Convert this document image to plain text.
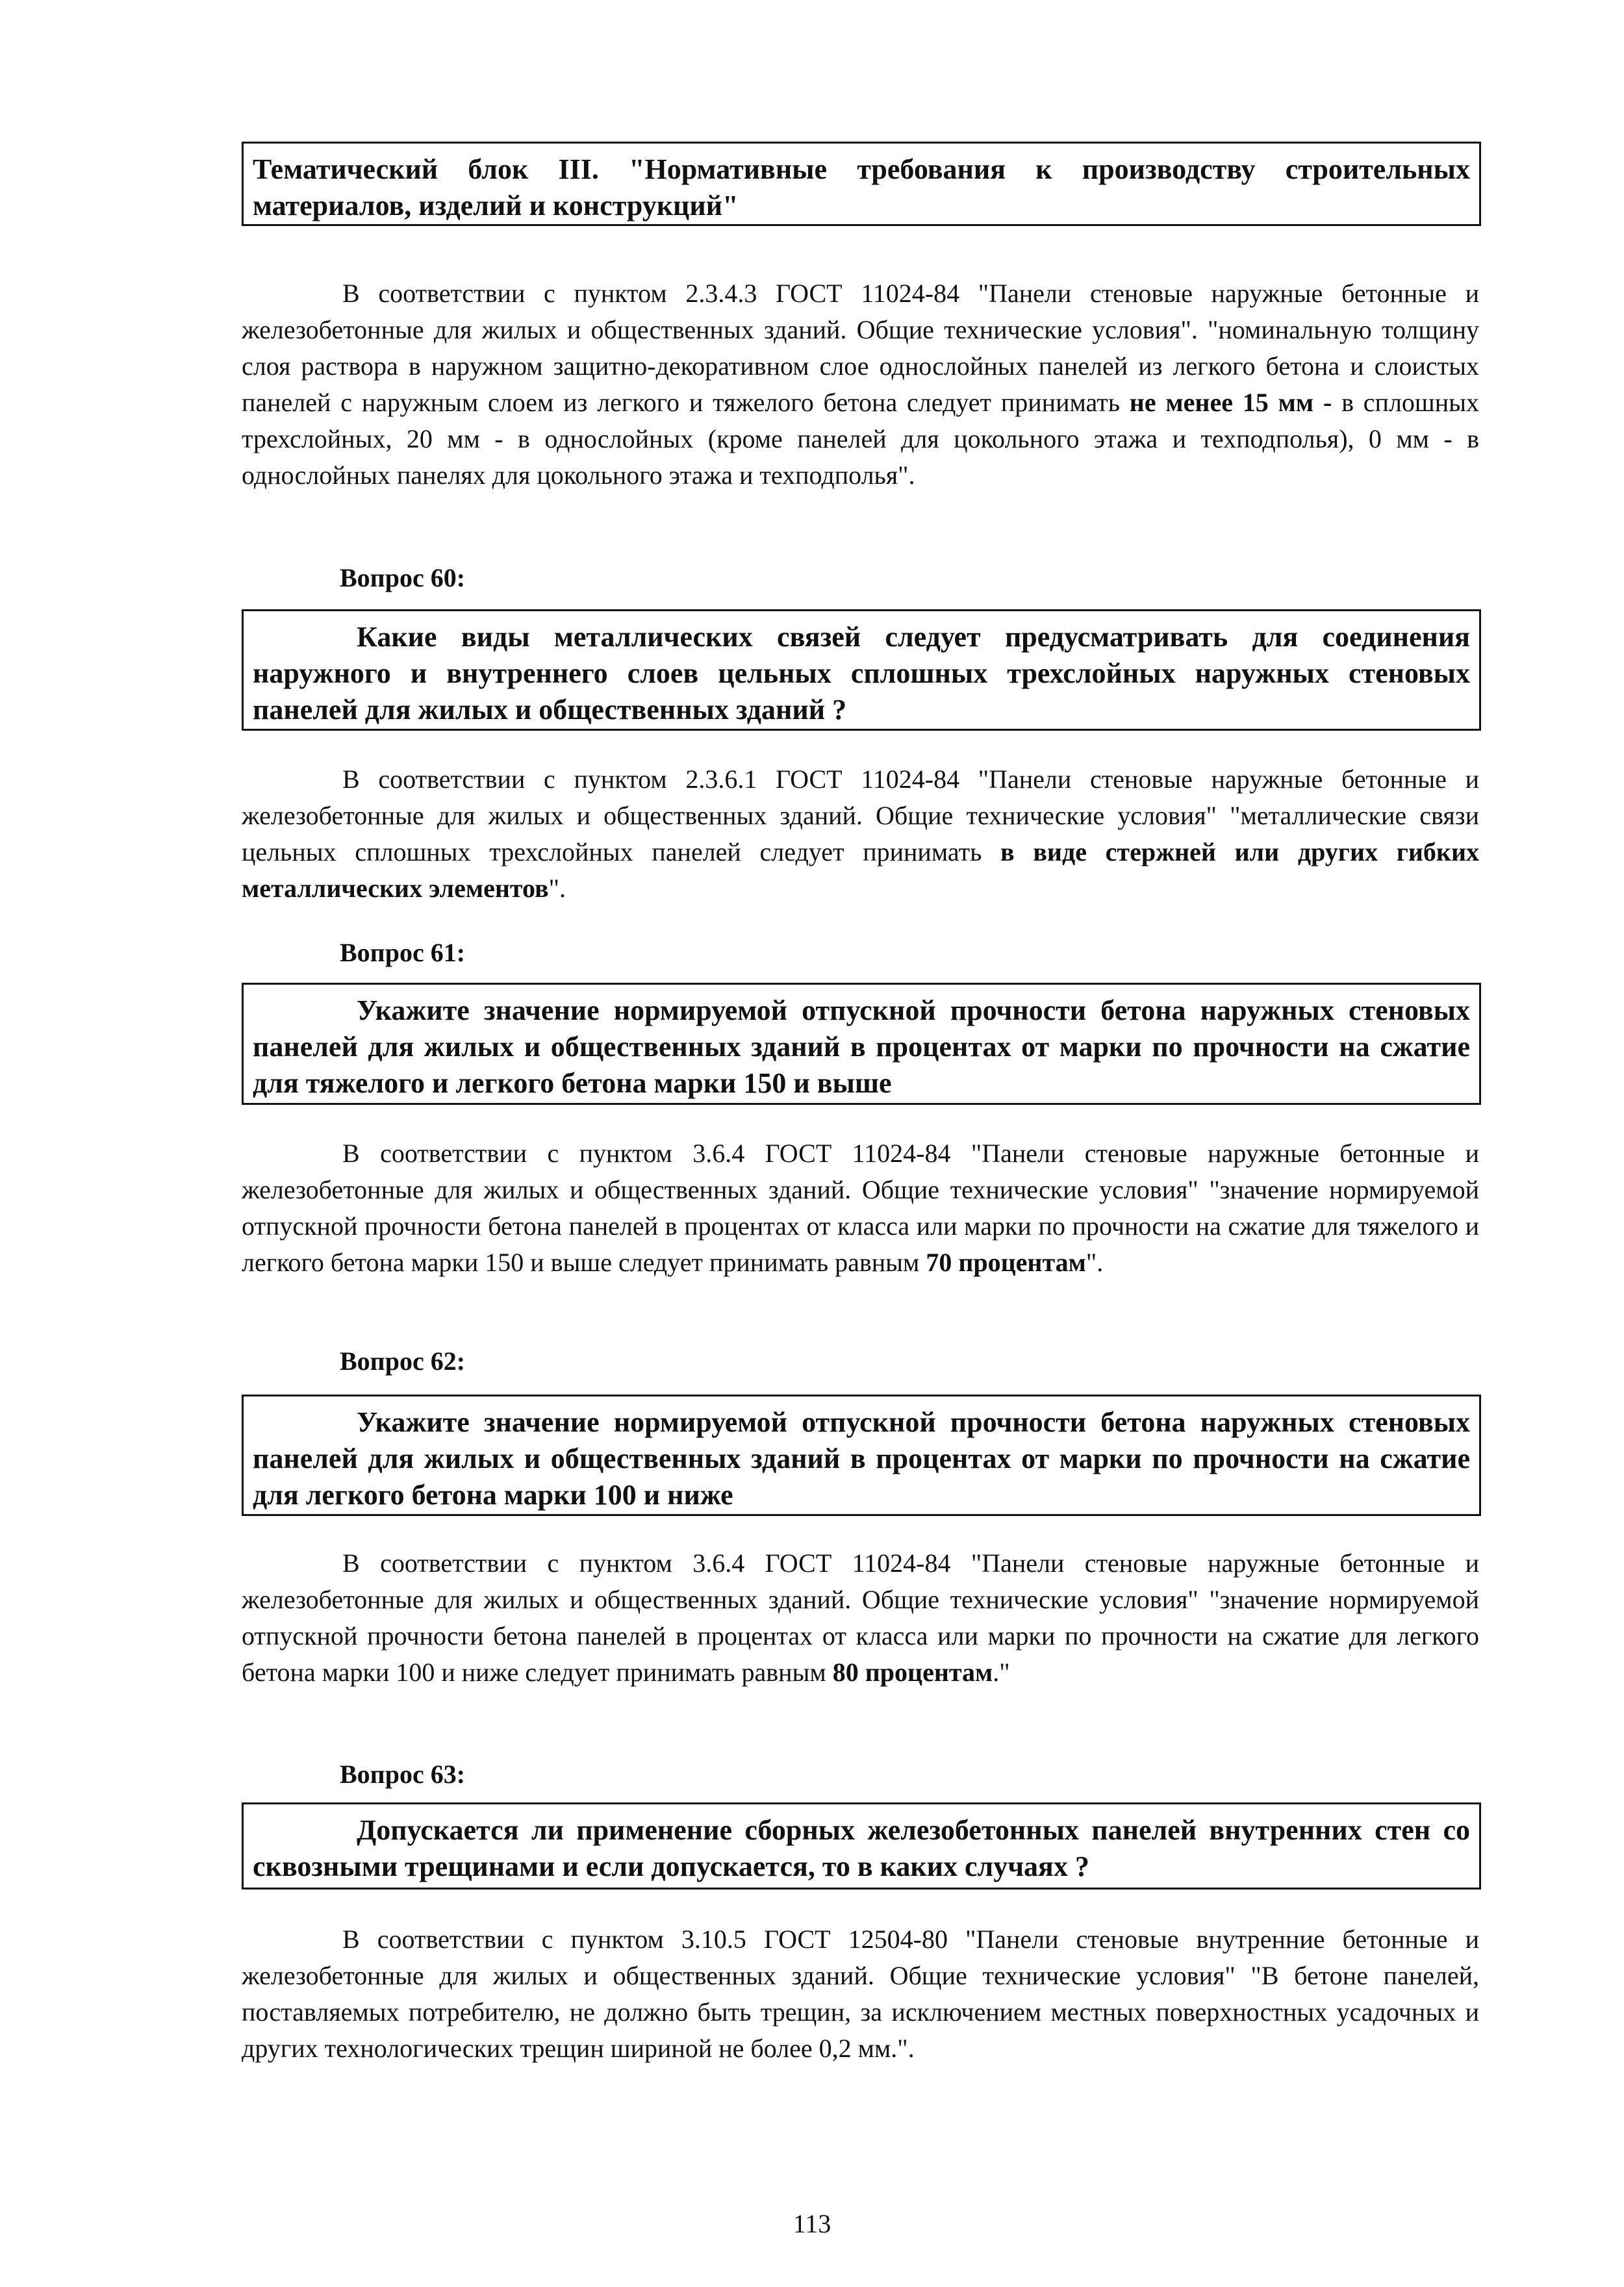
Тематический блок III. "Нормативные требования к производству строительных материалов, изделий и конструкций"
В соответствии с пунктом 2.3.4.3 ГОСТ 11024-84 "Панели стеновые наружные бетонные и железобетонные для жилых и общественных зданий. Общие технические условия". "номинальную толщину слоя раствора в наружном защитно-декоративном слое однослойных панелей из легкого бетона и слоистых панелей с наружным слоем из легкого и тяжелого бетона следует принимать не менее 15 мм - в сплошных трехслойных, 20 мм - в однослойных (кроме панелей для цокольного этажа и техподполья), 0 мм - в однослойных панелях для цокольного этажа и техподполья".
Вопрос 60:
Какие виды металлических связей следует предусматривать для соединения наружного и внутреннего слоев цельных сплошных трехслойных наружных стеновых панелей для жилых и общественных зданий ?
В соответствии с пунктом 2.3.6.1 ГОСТ 11024-84 "Панели стеновые наружные бетонные и железобетонные для жилых и общественных зданий. Общие технические условия" "металлические связи цельных сплошных трехслойных панелей следует принимать в виде стержней или других гибких металлических элементов".
Вопрос 61:
Укажите значение нормируемой отпускной прочности бетона наружных стеновых панелей для жилых и общественных зданий в процентах от марки по прочности на сжатие для тяжелого и легкого бетона марки 150 и выше
В соответствии с пунктом 3.6.4 ГОСТ 11024-84 "Панели стеновые наружные бетонные и железобетонные для жилых и общественных зданий. Общие технические условия" "значение нормируемой отпускной прочности бетона панелей в процентах от класса или марки по прочности на сжатие для тяжелого и легкого бетона марки 150 и выше следует принимать равным 70 процентам".
Вопрос 62:
Укажите значение нормируемой отпускной прочности бетона наружных стеновых панелей для жилых и общественных зданий в процентах от марки по прочности на сжатие для легкого бетона марки 100 и ниже
В соответствии с пунктом 3.6.4 ГОСТ 11024-84 "Панели стеновые наружные бетонные и железобетонные для жилых и общественных зданий. Общие технические условия" "значение нормируемой отпускной прочности бетона панелей в процентах от класса или марки по прочности на сжатие для легкого бетона марки 100 и ниже следует принимать равным 80 процентам."
Вопрос 63:
Допускается ли применение сборных железобетонных панелей внутренних стен со сквозными трещинами и если допускается, то в каких случаях ?
В соответствии с пунктом 3.10.5 ГОСТ 12504-80 "Панели стеновые внутренние бетонные и железобетонные для жилых и общественных зданий. Общие технические условия" "В бетоне панелей, поставляемых потребителю, не должно быть трещин, за исключением местных поверхностных усадочных и других технологических трещин шириной не более 0,2 мм.".
113
